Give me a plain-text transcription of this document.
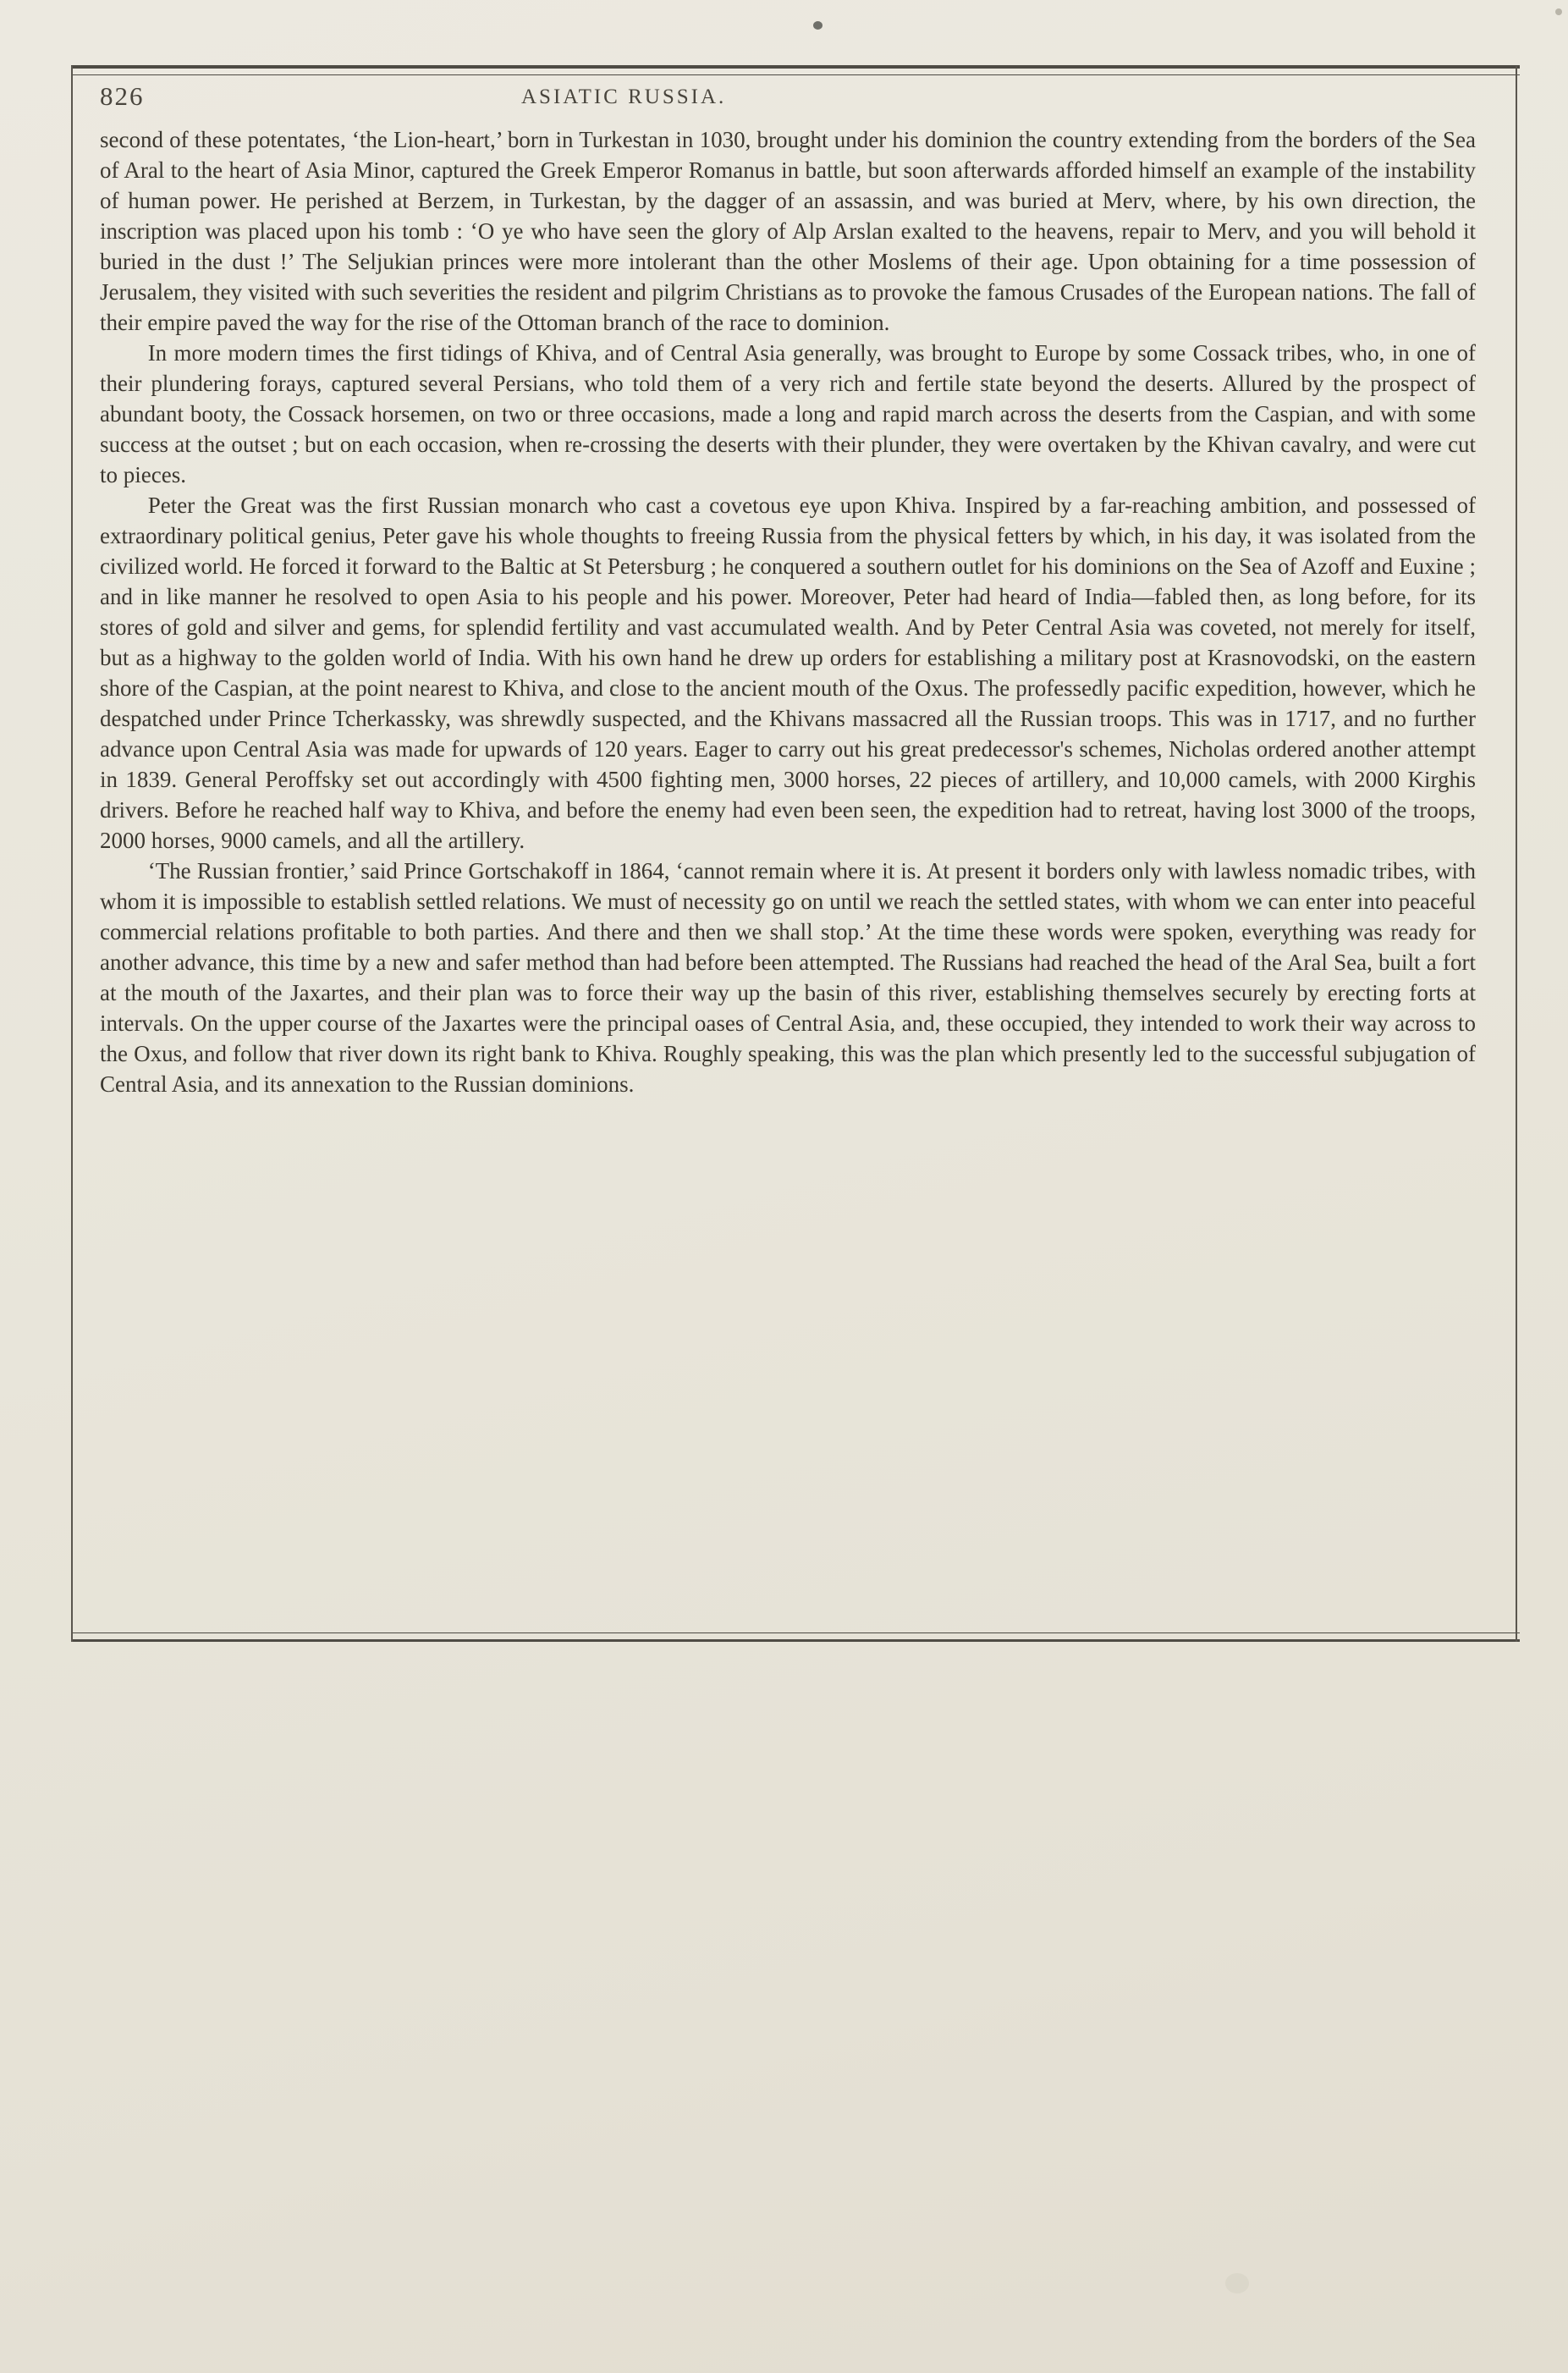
826	ASIATIC RUSSIA.

second of these potentates, ‘the Lion-heart,’ born in Turkestan in 1030, brought under his dominion the country extending from the borders of the Sea of Aral to the heart of Asia Minor, captured the Greek Emperor Romanus in battle, but soon afterwards afforded himself an example of the instability of human power. He perished at Berzem, in Turkestan, by the dagger of an assassin, and was buried at Merv, where, by his own direction, the inscription was placed upon his tomb : ‘O ye who have seen the glory of Alp Arslan exalted to the heavens, repair to Merv, and you will behold it buried in the dust !’ The Seljukian princes were more intolerant than the other Moslems of their age. Upon obtaining for a time possession of Jerusalem, they visited with such severities the resident and pilgrim Christians as to provoke the famous Crusades of the European nations. The fall of their empire paved the way for the rise of the Ottoman branch of the race to dominion.

In more modern times the first tidings of Khiva, and of Central Asia generally, was brought to Europe by some Cossack tribes, who, in one of their plundering forays, captured several Persians, who told them of a very rich and fertile state beyond the deserts. Allured by the prospect of abundant booty, the Cossack horsemen, on two or three occasions, made a long and rapid march across the deserts from the Caspian, and with some success at the outset ; but on each occasion, when re-crossing the deserts with their plunder, they were overtaken by the Khivan cavalry, and were cut to pieces.

Peter the Great was the first Russian monarch who cast a covetous eye upon Khiva. Inspired by a far-reaching ambition, and possessed of extraordinary political genius, Peter gave his whole thoughts to freeing Russia from the physical fetters by which, in his day, it was isolated from the civilized world. He forced it forward to the Baltic at St Petersburg ; he conquered a southern outlet for his dominions on the Sea of Azoff and Euxine ; and in like manner he resolved to open Asia to his people and his power. Moreover, Peter had heard of India—fabled then, as long before, for its stores of gold and silver and gems, for splendid fertility and vast accumulated wealth. And by Peter Central Asia was coveted, not merely for itself, but as a highway to the golden world of India. With his own hand he drew up orders for establishing a military post at Krasnovodski, on the eastern shore of the Caspian, at the point nearest to Khiva, and close to the ancient mouth of the Oxus. The professedly pacific expedition, however, which he despatched under Prince Tcherkassky, was shrewdly suspected, and the Khivans massacred all the Russian troops. This was in 1717, and no further advance upon Central Asia was made for upwards of 120 years. Eager to carry out his great predecessor's schemes, Nicholas ordered another attempt in 1839. General Peroffsky set out accordingly with 4500 fighting men, 3000 horses, 22 pieces of artillery, and 10,000 camels, with 2000 Kirghis drivers. Before he reached half way to Khiva, and before the enemy had even been seen, the expedition had to retreat, having lost 3000 of the troops, 2000 horses, 9000 camels, and all the artillery.

‘The Russian frontier,’ said Prince Gortschakoff in 1864, ‘cannot remain where it is. At present it borders only with lawless nomadic tribes, with whom it is impossible to establish settled relations. We must of necessity go on until we reach the settled states, with whom we can enter into peaceful commercial relations profitable to both parties. And there and then we shall stop.’ At the time these words were spoken, everything was ready for another advance, this time by a new and safer method than had before been attempted. The Russians had reached the head of the Aral Sea, built a fort at the mouth of the Jaxartes, and their plan was to force their way up the basin of this river, establishing themselves securely by erecting forts at intervals. On the upper course of the Jaxartes were the principal oases of Central Asia, and, these occupied, they intended to work their way across to the Oxus, and follow that river down its right bank to Khiva. Roughly speaking, this was the plan which presently led to the successful subjugation of Central Asia, and its annexation to the Russian dominions.
